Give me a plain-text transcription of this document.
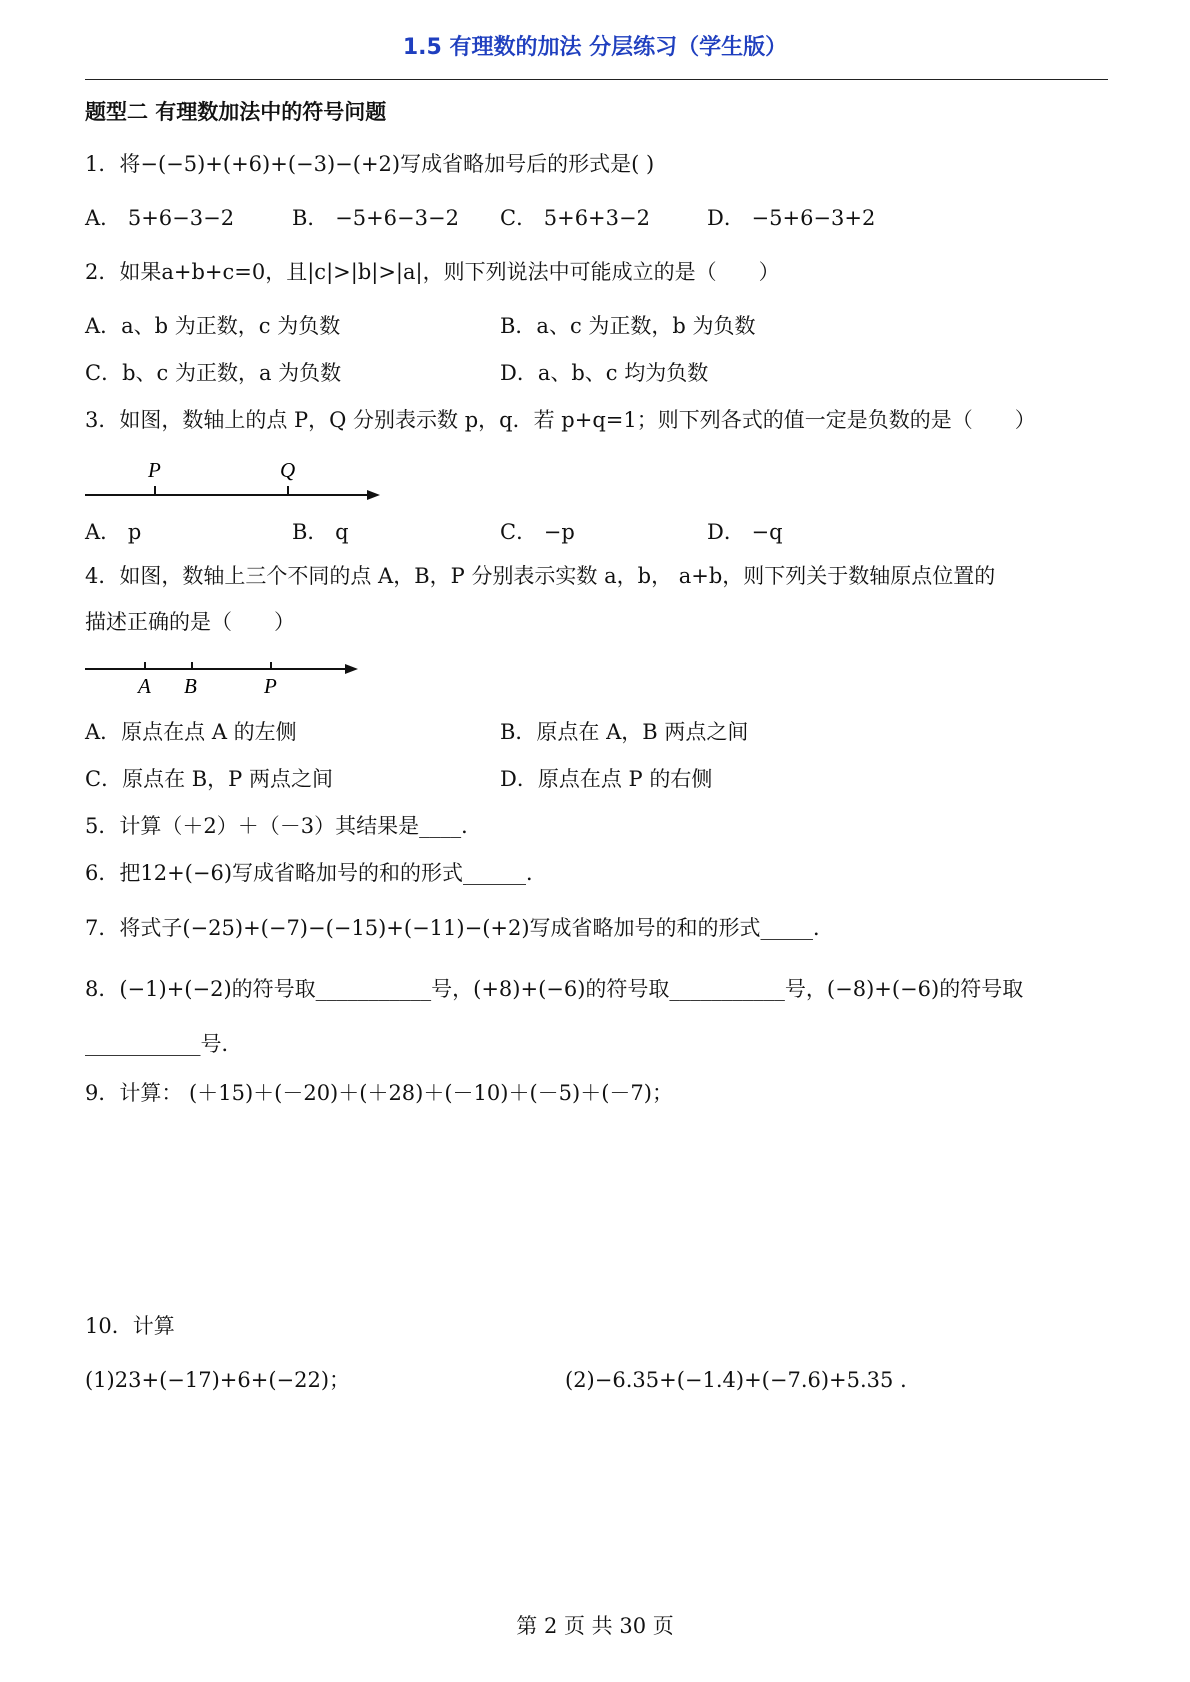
1.5 有理数的加法 分层练习（学生版）
题型二 有理数加法中的符号问题
1．将−(−5)+(+6)+(−3)−(+2)写成省略加号后的形式是( )
A． 5+6−3−2	B． −5+6−3−2 C． 5+6+3−2	D． −5+6−3+2
2．如果a+b+c=0，且|c|>|b|>|a|，则下列说法中可能成立的是（　　）
A．a、b 为正数，c 为负数	B．a、c 为正数，b 为负数
C．b、c 为正数，a 为负数	D．a、b、c 均为负数
3．如图，数轴上的点 P，Q 分别表示数 p，q．若 p+q=1；则下列各式的值一定是负数的是（　　）
P	Q
A． p	B． q	C． −p	D． −q
4．如图，数轴上三个不同的点 A，B，P 分别表示实数 a，b， a+b，则下列关于数轴原点位置的
描述正确的是（　　）
A B	P
A．原点在点 A 的左侧	B．原点在 A，B 两点之间
C．原点在 B，P 两点之间	D．原点在点 P 的右侧
5．计算（＋2）＋（－3）其结果是____．
6．把12+(−6)写成省略加号的和的形式______．
7．将式子(−25)+(−7)−(−15)+(−11)−(+2)写成省略加号的和的形式_____．
8．(−1)+(−2)的符号取___________号，(+8)+(−6)的符号取___________号，(−8)+(−6)的符号取
___________号．
9．计算： (＋15)＋(－20)＋(＋28)＋(－10)＋(－5)＋(－7)；
10．计算
(1)23+(−17)+6+(−22)；	(2)−6.35+(−1.4)+(−7.6)+5.35 ．
第 2 页 共 30 页
